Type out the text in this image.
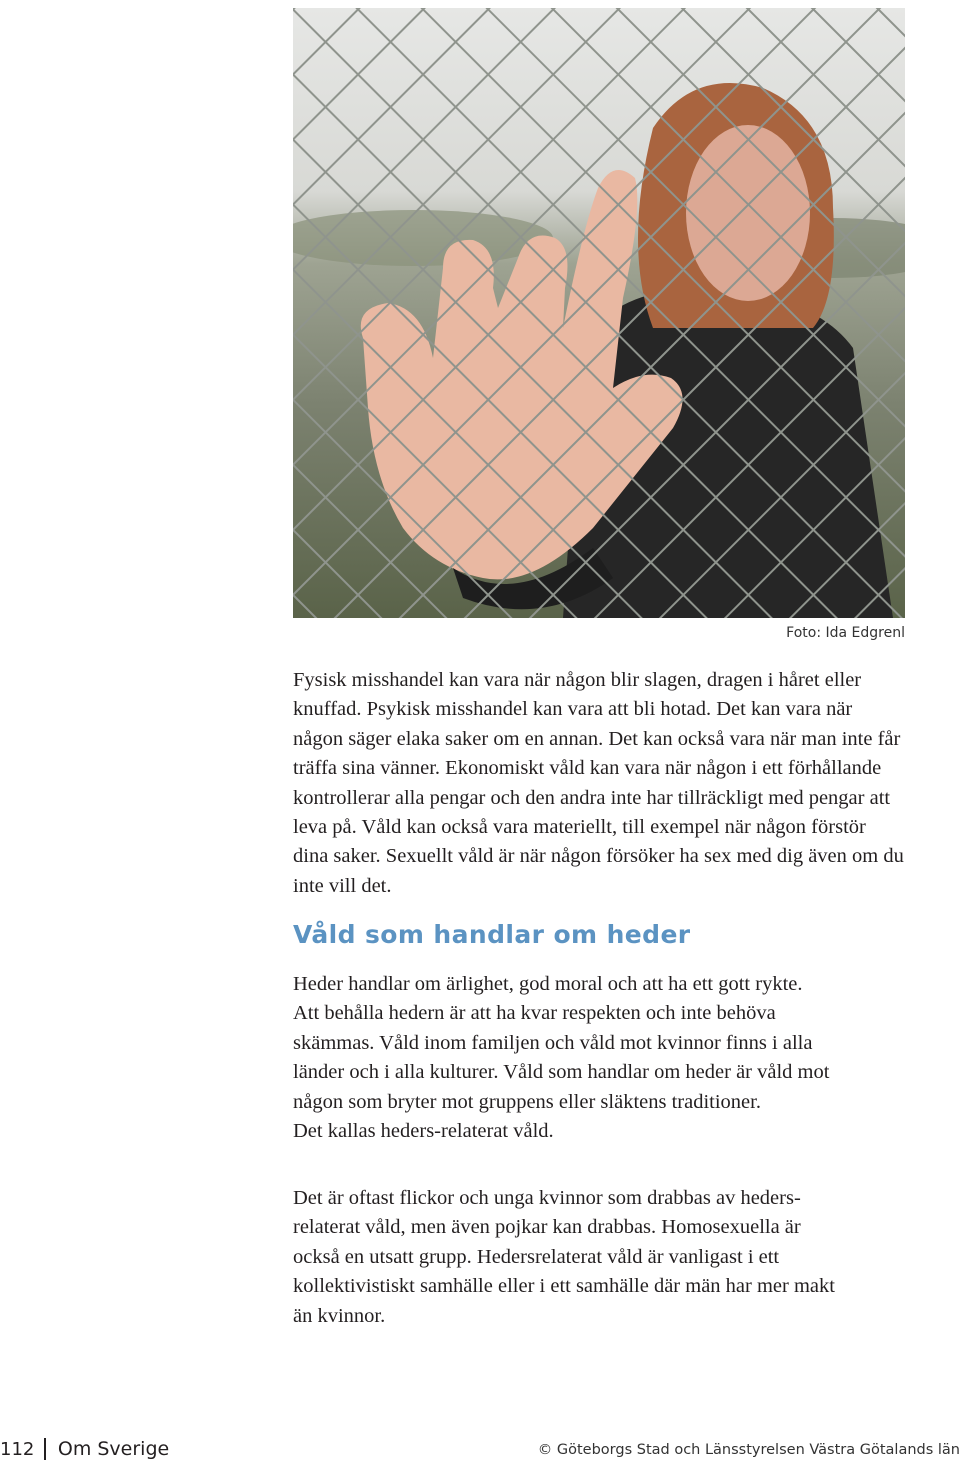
Foto: Ida Edgrenl

Fysisk misshandel kan vara när någon blir slagen, dragen i håret eller knuffad. Psykisk misshandel kan vara att bli hotad. Det kan vara när någon säger elaka saker om en annan. Det kan också vara när man inte får träffa sina vänner. Ekonomiskt våld kan vara när någon i ett förhållande kontrollerar alla pengar och den andra inte har tillräckligt med pengar att leva på. Våld kan också vara materiellt, till exempel när någon förstör dina saker. Sexuellt våld är när någon försöker ha sex med dig även om du inte vill det.

Våld som handlar om heder
Heder handlar om ärlighet, god moral och att ha ett gott rykte.
Att behålla hedern är att ha kvar respekten och inte behöva
skämmas. Våld inom familjen och våld mot kvinnor finns i alla
länder och i alla kulturer. Våld som handlar om heder är våld mot
någon som bryter mot gruppens eller släktens traditioner.
Det kallas heders-relaterat våld.
Det är oftast flickor och unga kvinnor som drabbas av heders-
relaterat våld, men även pojkar kan drabbas. Homosexuella är
också en utsatt grupp. Hedersrelaterat våld är vanligast i ett
kollektivistiskt samhälle eller i ett samhälle där män har mer makt
än kvinnor.
112	Om Sverige	© Göteborgs Stad och Länsstyrelsen Västra Götalands län
